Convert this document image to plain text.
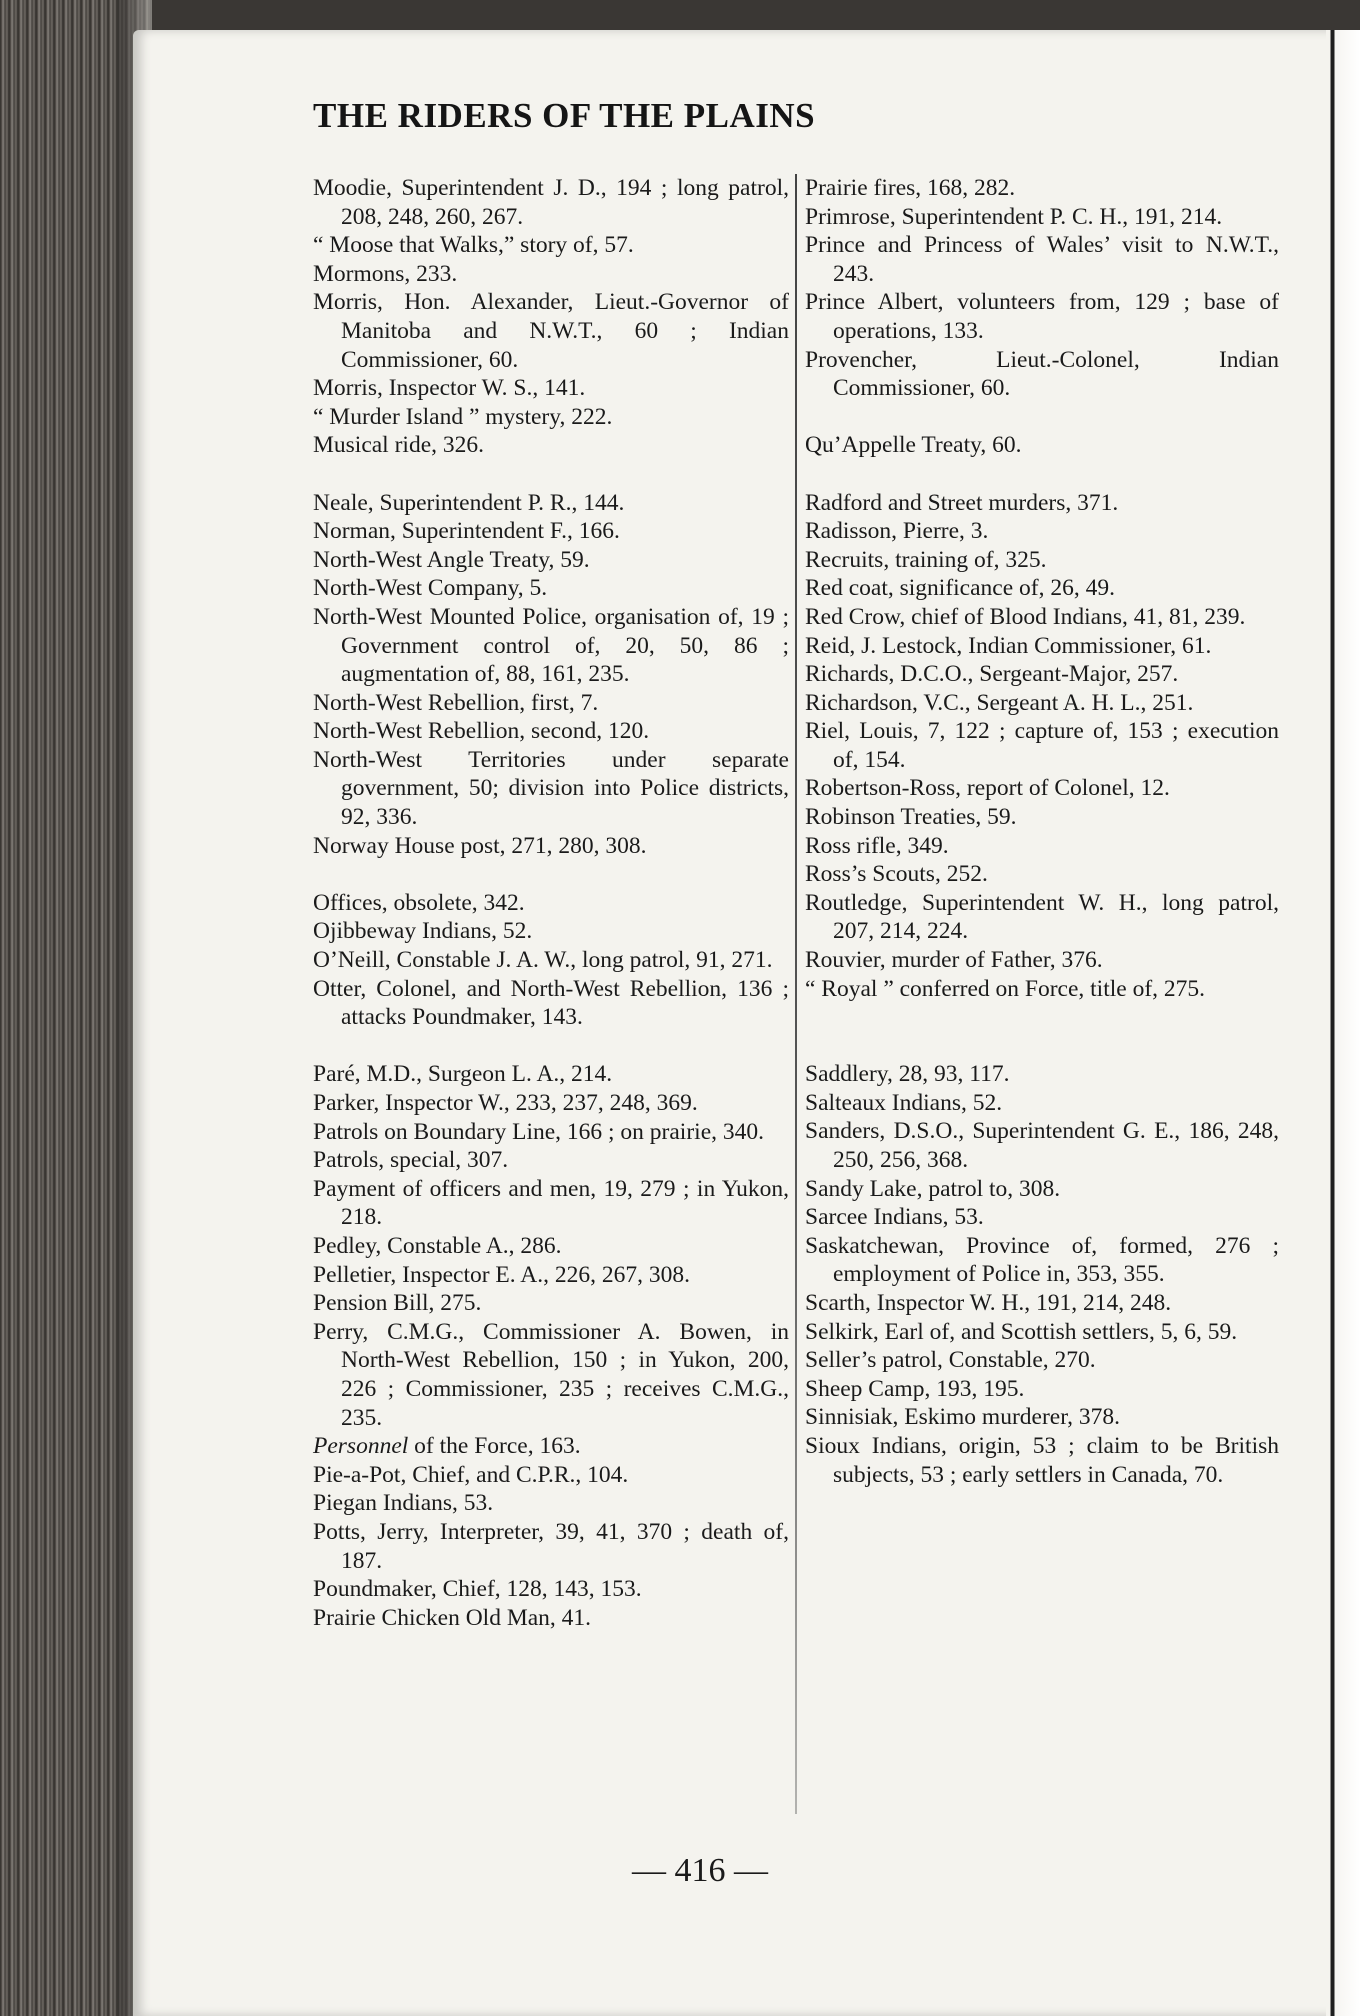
THE RIDERS OF THE PLAINS
Moodie, Superintendent J. D., 194 ; long patrol, 208, 248, 260, 267.
“ Moose that Walks,” story of, 57.
Mormons, 233.
Morris, Hon. Alexander, Lieut.-Governor of Manitoba and N.W.T., 60 ; Indian Commissioner, 60.
Morris, Inspector W. S., 141.
“ Murder Island ” mystery, 222.
Musical ride, 326.
Neale, Superintendent P. R., 144.
Norman, Superintendent F., 166.
North-West Angle Treaty, 59.
North-West Company, 5.
North-West Mounted Police, organisation of, 19 ; Government control of, 20, 50, 86 ; augmentation of, 88, 161, 235.
North-West Rebellion, first, 7.
North-West Rebellion, second, 120.
North-West Territories under separate government, 50; division into Police districts, 92, 336.
Norway House post, 271, 280, 308.
Offices, obsolete, 342.
Ojibbeway Indians, 52.
O’Neill, Constable J. A. W., long patrol, 91, 271.
Otter, Colonel, and North-West Rebellion, 136 ; attacks Poundmaker, 143.
Paré, M.D., Surgeon L. A., 214.
Parker, Inspector W., 233, 237, 248, 369.
Patrols on Boundary Line, 166 ; on prairie, 340.
Patrols, special, 307.
Payment of officers and men, 19, 279 ; in Yukon, 218.
Pedley, Constable A., 286.
Pelletier, Inspector E. A., 226, 267, 308.
Pension Bill, 275.
Perry, C.M.G., Commissioner A. Bowen, in North-West Rebellion, 150 ; in Yukon, 200, 226 ; Commissioner, 235 ; receives C.M.G., 235.
Personnel of the Force, 163.
Pie-a-Pot, Chief, and C.P.R., 104.
Piegan Indians, 53.
Potts, Jerry, Interpreter, 39, 41, 370 ; death of, 187.
Poundmaker, Chief, 128, 143, 153.
Prairie Chicken Old Man, 41.
Prairie fires, 168, 282.
Primrose, Superintendent P. C. H., 191, 214.
Prince and Princess of Wales’ visit to N.W.T., 243.
Prince Albert, volunteers from, 129 ; base of operations, 133.
Provencher, Lieut.-Colonel, Indian Commissioner, 60.
Qu’Appelle Treaty, 60.
Radford and Street murders, 371.
Radisson, Pierre, 3.
Recruits, training of, 325.
Red coat, significance of, 26, 49.
Red Crow, chief of Blood Indians, 41, 81, 239.
Reid, J. Lestock, Indian Commissioner, 61.
Richards, D.C.O., Sergeant-Major, 257.
Richardson, V.C., Sergeant A. H. L., 251.
Riel, Louis, 7, 122 ; capture of, 153 ; execution of, 154.
Robertson-Ross, report of Colonel, 12.
Robinson Treaties, 59.
Ross rifle, 349.
Ross’s Scouts, 252.
Routledge, Superintendent W. H., long patrol, 207, 214, 224.
Rouvier, murder of Father, 376.
“ Royal ” conferred on Force, title of, 275.
Saddlery, 28, 93, 117.
Salteaux Indians, 52.
Sanders, D.S.O., Superintendent G. E., 186, 248, 250, 256, 368.
Sandy Lake, patrol to, 308.
Sarcee Indians, 53.
Saskatchewan, Province of, formed, 276 ; employment of Police in, 353, 355.
Scarth, Inspector W. H., 191, 214, 248.
Selkirk, Earl of, and Scottish settlers, 5, 6, 59.
Seller’s patrol, Constable, 270.
Sheep Camp, 193, 195.
Sinnisiak, Eskimo murderer, 378.
Sioux Indians, origin, 53 ; claim to be British subjects, 53 ; early settlers in Canada, 70.
— 416 —
